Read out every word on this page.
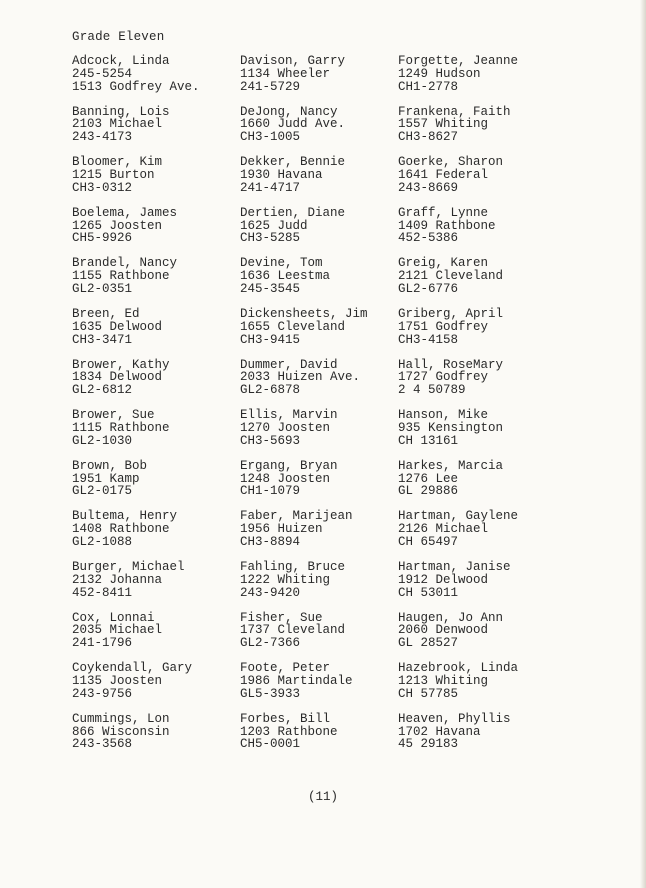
Grade Eleven
Adcock, Linda
245-5254
1513 Godfrey Ave.
Banning, Lois
2103 Michael
243-4173
Bloomer, Kim
1215 Burton
CH3-0312
Boelema, James
1265 Joosten
CH5-9926
Brandel, Nancy
1155 Rathbone
GL2-0351
Breen, Ed
1635 Delwood
CH3-3471
Brower, Kathy
1834 Delwood
GL2-6812
Brower, Sue
1115 Rathbone
GL2-1030
Brown, Bob
1951 Kamp
GL2-0175
Bultema, Henry
1408 Rathbone
GL2-1088
Burger, Michael
2132 Johanna
452-8411
Cox, Lonnai
2035 Michael
241-1796
Coykendall, Gary
1135 Joosten
243-9756
Cummings, Lon
866 Wisconsin
243-3568
Davison, Garry
1134 Wheeler
241-5729
DeJong, Nancy
1660 Judd Ave.
CH3-1005
Dekker, Bennie
1930 Havana
241-4717
Dertien, Diane
1625 Judd
CH3-5285
Devine, Tom
1636 Leestma
245-3545
Dickensheets, Jim
1655 Cleveland
CH3-9415
Dummer, David
2033 Huizen Ave.
GL2-6878
Ellis, Marvin
1270 Joosten
CH3-5693
Ergang, Bryan
1248 Joosten
CH1-1079
Faber, Marijean
1956 Huizen
CH3-8894
Fahling, Bruce
1222 Whiting
243-9420
Fisher, Sue
1737 Cleveland
GL2-7366
Foote, Peter
1986 Martindale
GL5-3933
Forbes, Bill
1203 Rathbone
CH5-0001
Forgette, Jeanne
1249 Hudson
CH1-2778
Frankena, Faith
1557 Whiting
CH3-8627
Goerke, Sharon
1641 Federal
243-8669
Graff, Lynne
1409 Rathbone
452-5386
Greig, Karen
2121 Cleveland
GL2-6776
Griberg, April
1751 Godfrey
CH3-4158
Hall, RoseMary
1727 Godfrey
2 4 50789
Hanson, Mike
935 Kensington
CH 13161
Harkes, Marcia
1276 Lee
GL 29886
Hartman, Gaylene
2126 Michael
CH 65497
Hartman, Janise
1912 Delwood
CH 53011
Haugen, Jo Ann
2060 Denwood
GL 28527
Hazebrook, Linda
1213 Whiting
CH 57785
Heaven, Phyllis
1702 Havana
45 29183
(11)
